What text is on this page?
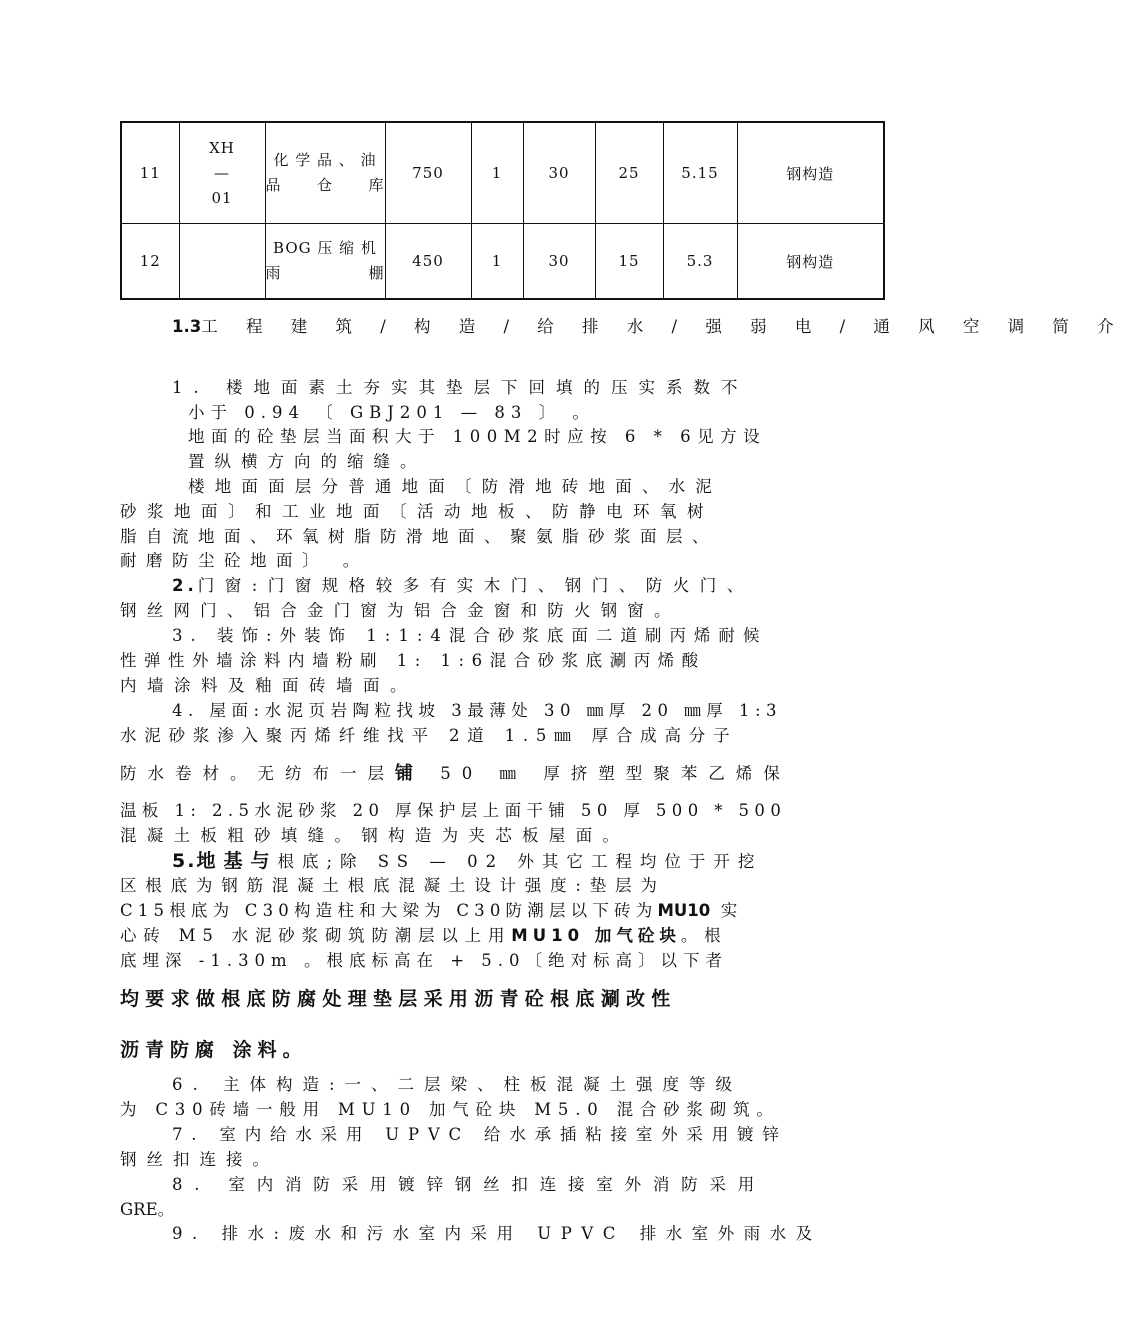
11	XH
—
01	化 学 品 、 油 品 仓 库	750	1	30	25	5.15	钢构造
12		BOG 压 缩 机 雨 棚	450	1	30	15	5.3	钢构造
1.3工 程 建 筑 / 构 造 / 给 排 水 / 强 弱 电 / 通 风 空 调 简 介
1. 楼地面素土夯实其垫层下回填的压实系数不
小于 0.94 〔 GBJ201 — 83 〕 。
地面的砼垫层当面积大于 100M2时应按 6 * 6见方设
置纵横方向的缩缝。
楼地面面层分普通地面〔防滑地砖地面、水泥
砂浆地面〕和工业地面〔活动地板、防静电环氧树
脂自流地面、环氧树脂防滑地面、聚氨脂砂浆面层、
耐磨防尘砼地面〕 。
2.门窗:门窗规格较多有实木门、钢门、防火门、
钢丝网门、铝合金门窗为铝合金窗和防火钢窗。
3. 装饰:外装饰 1:1:4混合砂浆底面二道刷丙烯耐候
性弹性外墙涂料内墙粉刷 1: 1:6混合砂浆底涮丙烯酸
内墙涂料及釉面砖墙面。
4. 屋面:水泥页岩陶粒找坡 3最薄处 30 ㎜厚 20 ㎜厚 1:3
水泥砂浆渗入聚丙烯纤维找平 2道 1.5㎜ 厚合成高分子
防水卷材。无纺布一层铺 50 ㎜ 厚挤塑型聚苯乙烯保
温板 1: 2.5水泥砂浆 20 厚保护层上面干铺 50 厚 500 * 500
混凝土板粗砂填缝。钢构造为夹芯板屋面。
5.地基与根底;除 SS — 02 外其它工程均位于开挖
区根底为钢筋混凝土根底混凝土设计强度:垫层为
C15根底为 C30构造柱和大梁为 C30防潮层以下砖为MU10 实
心砖 M5 水泥砂浆砌筑防潮层以上用MU10 加气砼块。根
底埋深 -1.30m 。根底标高在 + 5.0〔绝对标高〕以下者
均要求做根底防腐处理垫层采用沥青砼根底涮改性
沥青防腐 涂料。
6. 主体构造:一、二层梁、柱板混凝土强度等级
为 C30砖墙一般用 MU10 加气砼块 M5.0 混合砂浆砌筑。
7. 室内给水采用 UPVC 给水承插粘接室外采用镀锌
钢丝扣连接。
8. 室内消防采用镀锌钢丝扣连接室外消防采用
GRE。
9. 排水:废水和污水室内采用 UPVC 排水室外雨水及
